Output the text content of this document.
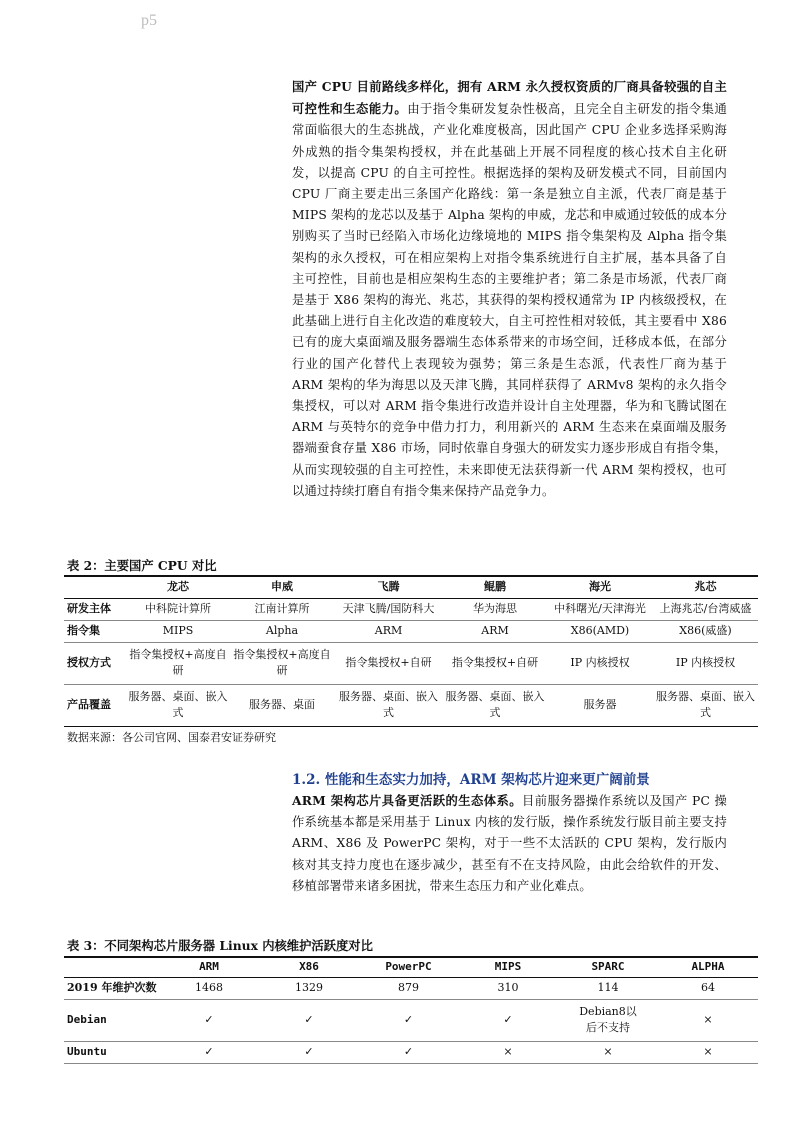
p5

国产 CPU 目前路线多样化，拥有 ARM 永久授权资质的厂商具备较强的自主可控性和生态能力。由于指令集研发复杂性极高，且完全自主研发的指令集通常面临很大的生态挑战，产业化难度极高，因此国产 CPU 企业多选择采购海外成熟的指令集架构授权，并在此基础上开展不同程度的核心技术自主化研发，以提高 CPU 的自主可控性。根据选择的架构及研发模式不同，目前国内 CPU 厂商主要走出三条国产化路线：第一条是独立自主派，代表厂商是基于 MIPS 架构的龙芯以及基于 Alpha 架构的申威，龙芯和申威通过较低的成本分别购买了当时已经陷入市场化边缘境地的 MIPS 指令集架构及 Alpha 指令集架构的永久授权，可在相应架构上对指令集系统进行自主扩展，基本具备了自主可控性，目前也是相应架构生态的主要维护者；第二条是市场派，代表厂商是基于 X86 架构的海光、兆芯，其获得的架构授权通常为 IP 内核级授权，在此基础上进行自主化改造的难度较大，自主可控性相对较低，其主要看中 X86 已有的庞大桌面端及服务器端生态体系带来的市场空间，迁移成本低，在部分行业的国产化替代上表现较为强势；第三条是生态派，代表性厂商为基于 ARM 架构的华为海思以及天津飞腾，其同样获得了 ARMv8 架构的永久指令集授权，可以对 ARM 指令集进行改造并设计自主处理器，华为和飞腾试图在 ARM 与英特尔的竞争中借力打力，利用新兴的 ARM 生态来在桌面端及服务器端蚕食存量 X86 市场，同时依靠自身强大的研发实力逐步形成自有指令集，从而实现较强的自主可控性，未来即使无法获得新一代 ARM 架构授权，也可以通过持续打磨自有指令集来保持产品竞争力。

表 2：主要国产 CPU 对比

	龙芯	申威	飞腾	鲲鹏	海光	兆芯
研发主体	中科院计算所	江南计算所	天津飞腾/国防科大	华为海思	中科曙光/天津海光	上海兆芯/台湾威盛
指令集	MIPS	Alpha	ARM	ARM	X86(AMD)	X86(威盛)
授权方式	指令集授权+高度自研	指令集授权+高度自研	指令集授权+自研	指令集授权+自研	IP 内核授权	IP 内核授权
产品覆盖	服务器、桌面、嵌入式	服务器、桌面	服务器、桌面、嵌入式	服务器、桌面、嵌入式	服务器	服务器、桌面、嵌入式

数据来源：各公司官网、国泰君安证券研究

1.2. 性能和生态实力加持，ARM 架构芯片迎来更广阔前景

ARM 架构芯片具备更活跃的生态体系。目前服务器操作系统以及国产 PC 操作系统基本都是采用基于 Linux 内核的发行版，操作系统发行版目前主要支持 ARM、X86 及 PowerPC 架构，对于一些不太活跃的 CPU 架构，发行版内核对其支持力度也在逐步减少，甚至有不在支持风险，由此会给软件的开发、移植部署带来诸多困扰，带来生态压力和产业化难点。

表 3：不同架构芯片服务器 Linux 内核维护活跃度对比

	ARM	X86	PowerPC	MIPS	SPARC	ALPHA
2019 年维护次数	1468	1329	879	310	114	64
Debian	✓	✓	✓	✓	Debian8以后不支持	×
Ubuntu	✓	✓	✓	×	×	×
